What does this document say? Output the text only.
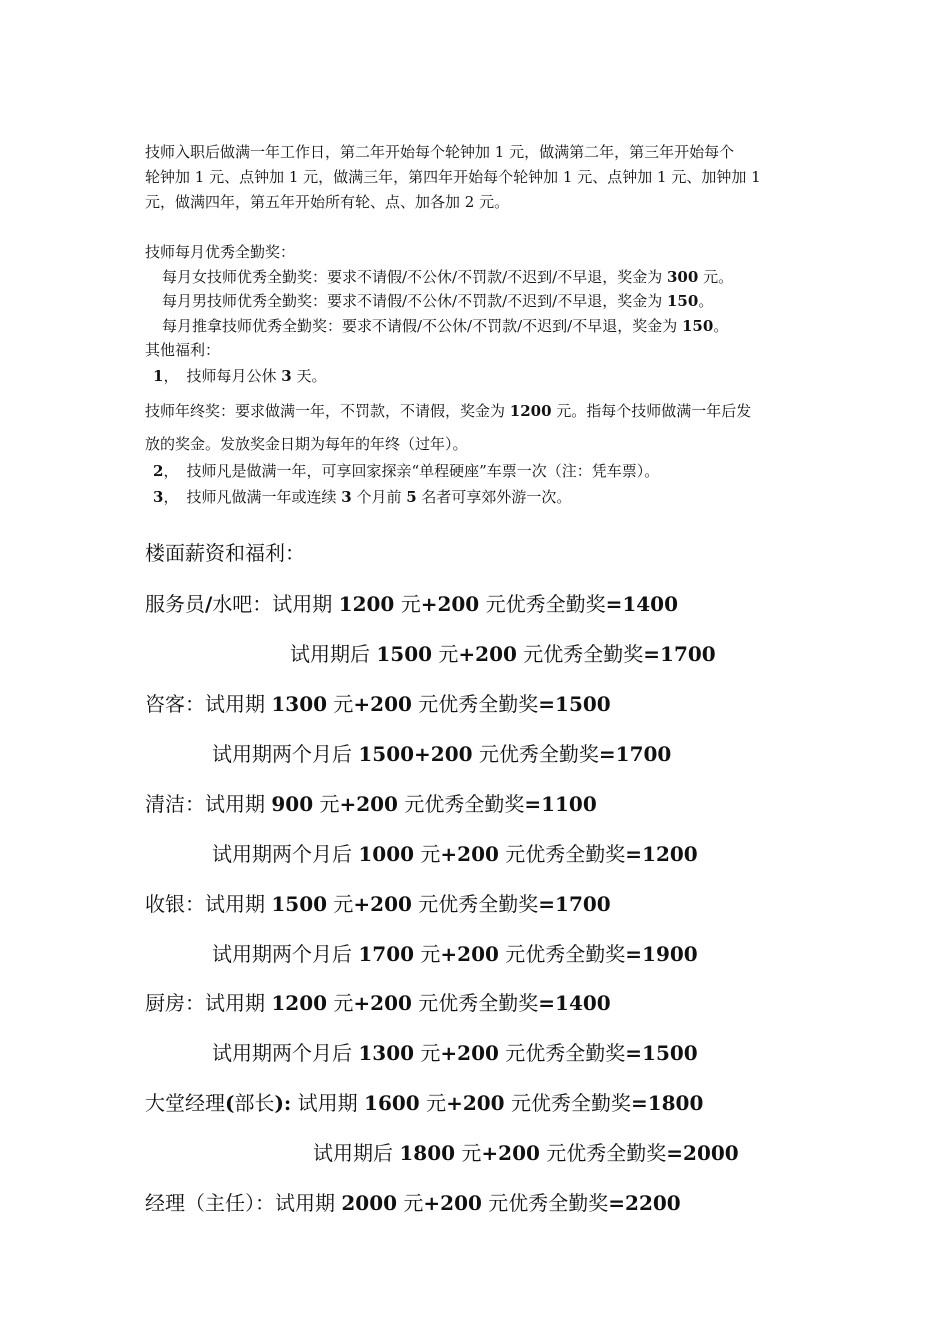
技师入职后做满一年工作日，第二年开始每个轮钟加 1 元，做满第二年，第三年开始每个
轮钟加 1 元、点钟加 1 元，做满三年，第四年开始每个轮钟加 1 元、点钟加 1 元、加钟加 1
元，做满四年，第五年开始所有轮、点、加各加 2 元。
技师每月优秀全勤奖：
每月女技师优秀全勤奖：要求不请假/不公休/不罚款/不迟到/不早退，奖金为 300 元。
每月男技师优秀全勤奖：要求不请假/不公休/不罚款/不迟到/不早退，奖金为 150。
每月推拿技师优秀全勤奖：要求不请假/不公休/不罚款/不迟到/不早退，奖金为 150。
其他福利：
1， 技师每月公休 3 天。
技师年终奖：要求做满一年，不罚款，不请假，奖金为 1200 元。指每个技师做满一年后发
放的奖金。发放奖金日期为每年的年终（过年）。
2， 技师凡是做满一年，可享回家探亲“单程硬座”车票一次（注：凭车票）。
3， 技师凡做满一年或连续 3 个月前 5 名者可享郊外游一次。
楼面薪资和福利：
服务员/水吧：试用期 1200 元+200 元优秀全勤奖=1400
试用期后 1500 元+200 元优秀全勤奖=1700
咨客：试用期 1300 元+200 元优秀全勤奖=1500
试用期两个月后 1500+200 元优秀全勤奖=1700
清洁：试用期 900 元+200 元优秀全勤奖=1100
试用期两个月后 1000 元+200 元优秀全勤奖=1200
收银：试用期 1500 元+200 元优秀全勤奖=1700
试用期两个月后 1700 元+200 元优秀全勤奖=1900
厨房：试用期 1200 元+200 元优秀全勤奖=1400
试用期两个月后 1300 元+200 元优秀全勤奖=1500
大堂经理(部长): 试用期 1600 元+200 元优秀全勤奖=1800
试用期后 1800 元+200 元优秀全勤奖=2000
经理（主任）：试用期 2000 元+200 元优秀全勤奖=2200
